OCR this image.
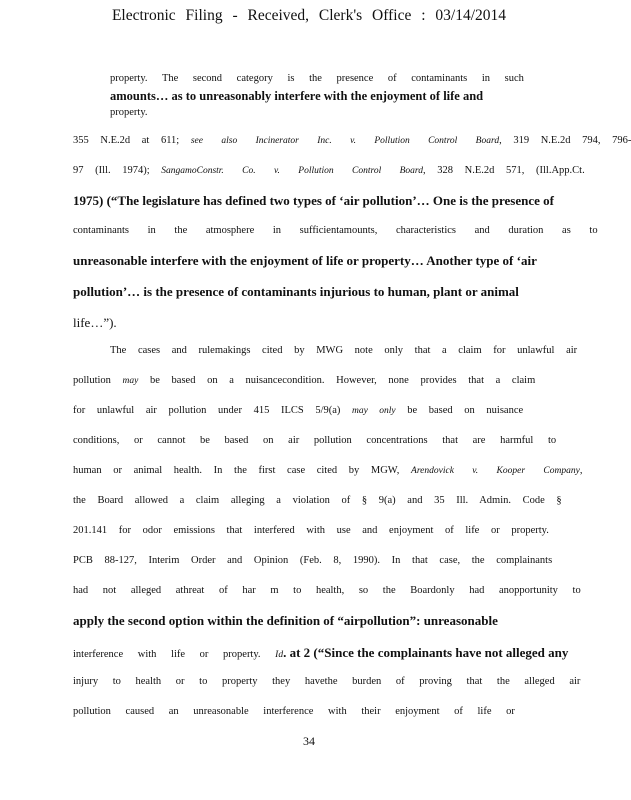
Electronic Filing - Received, Clerk's Office : 03/14/2014
property. The second category is the presence of contaminants in such
amounts… as to unreasonably interfere with the enjoyment of life and
property.
355 N.E.2d at 611; see also Incinerator Inc. v. Pollution Control Board, 319 N.E.2d 794, 796-
97 (Ill. 1974); SangamoConstr. Co. v. Pollution Control Board, 328 N.E.2d 571, (Ill.App.Ct.
1975) (“The legislature has defined two types of ‘air pollution’… One is the presence of
contaminants in the atmosphere in sufficientamounts, characteristics and duration as to
unreasonable interfere with the enjoyment of life or property… Another type of ‘air
pollution’… is the presence of contaminants injurious to human, plant or animal
life…”).
The cases and rulemakings cited by MWG note only that a claim for unlawful air
pollution may be based on a nuisancecondition. However, none provides that a claim
for unlawful air pollution under 415 ILCS 5/9(a) may only be based on nuisance
conditions, or cannot be based on air pollution concentrations that are harmful to
human or animal health. In the first case cited by MGW, Arendovick v. Kooper Company,
the Board allowed a claim alleging a violation of § 9(a) and 35 Ill. Admin. Code §
201.141 for odor emissions that interfered with use and enjoyment of life or property.
PCB 88-127, Interim Order and Opinion (Feb. 8, 1990). In that case, the complainants
had not alleged athreat of har m to health, so the Boardonly had anopportunity to
apply the second option within the definition of “airpollution”: unreasonable
interference with life or property. Id. at 2 (“Since the complainants have not alleged any
injury to health or to property they havethe burden of proving that the alleged air
pollution caused an unreasonable interference with their enjoyment of life or
34
